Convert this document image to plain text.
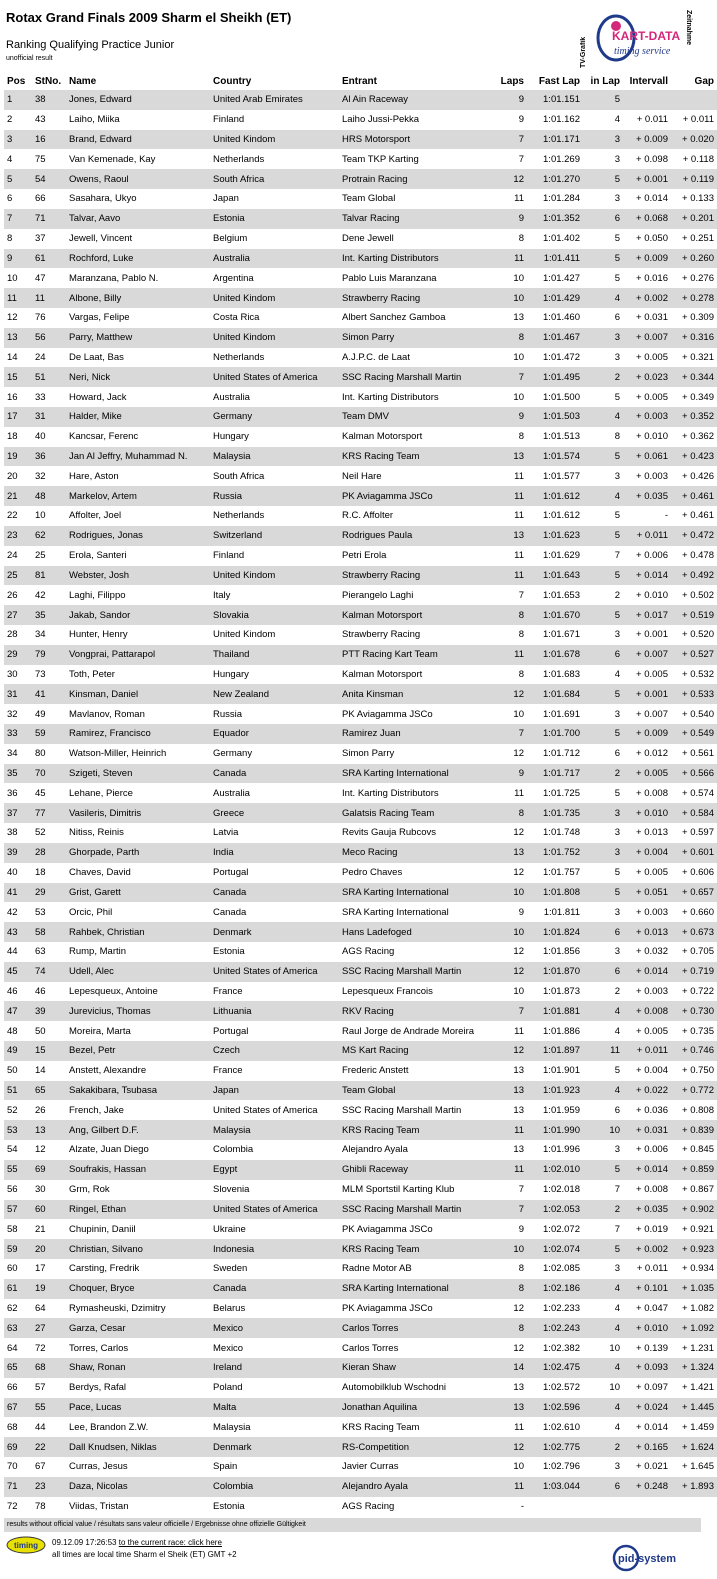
Rotax Grand Finals 2009 Sharm el Sheikh (ET)
Ranking Qualifying Practice Junior
unofficial result	TV-Grafik
KART-DATA
timing service
Zeitnahme
Pos	StNo.	Name	Country	Entrant	Laps	Fast Lap	in Lap	Intervall	Gap
1	38	Jones, Edward	United Arab Emirates	Al Ain Raceway	9	1:01.151	5		
2	43	Laiho, Miika	Finland	Laiho Jussi-Pekka	9	1:01.162	4	+ 0.011	+ 0.011
3	16	Brand, Edward	United Kindom	HRS Motorsport	7	1:01.171	3	+ 0.009	+ 0.020
4	75	Van Kemenade, Kay	Netherlands	Team TKP Karting	7	1:01.269	3	+ 0.098	+ 0.118
5	54	Owens, Raoul	South Africa	Protrain Racing	12	1:01.270	5	+ 0.001	+ 0.119
6	66	Sasahara, Ukyo	Japan	Team Global	11	1:01.284	3	+ 0.014	+ 0.133
7	71	Talvar, Aavo	Estonia	Talvar Racing	9	1:01.352	6	+ 0.068	+ 0.201
8	37	Jewell, Vincent	Belgium	Dene Jewell	8	1:01.402	5	+ 0.050	+ 0.251
9	61	Rochford, Luke	Australia	Int. Karting Distributors	11	1:01.411	5	+ 0.009	+ 0.260
10	47	Maranzana, Pablo N.	Argentina	Pablo Luis Maranzana	10	1:01.427	5	+ 0.016	+ 0.276
11	11	Albone, Billy	United Kindom	Strawberry Racing	10	1:01.429	4	+ 0.002	+ 0.278
12	76	Vargas, Felipe	Costa Rica	Albert Sanchez Gamboa	13	1:01.460	6	+ 0.031	+ 0.309
13	56	Parry, Matthew	United Kindom	Simon Parry	8	1:01.467	3	+ 0.007	+ 0.316
14	24	De Laat, Bas	Netherlands	A.J.P.C. de Laat	10	1:01.472	3	+ 0.005	+ 0.321
15	51	Neri, Nick	United States of America	SSC Racing Marshall Martin	7	1:01.495	2	+ 0.023	+ 0.344
16	33	Howard, Jack	Australia	Int. Karting Distributors	10	1:01.500	5	+ 0.005	+ 0.349
17	31	Halder, Mike	Germany	Team DMV	9	1:01.503	4	+ 0.003	+ 0.352
18	40	Kancsar, Ferenc	Hungary	Kalman Motorsport	8	1:01.513	8	+ 0.010	+ 0.362
19	36	Jan Al Jeffry, Muhammad N.	Malaysia	KRS Racing Team	13	1:01.574	5	+ 0.061	+ 0.423
20	32	Hare, Aston	South Africa	Neil Hare	11	1:01.577	3	+ 0.003	+ 0.426
21	48	Markelov, Artem	Russia	PK Aviagamma JSCo	11	1:01.612	4	+ 0.035	+ 0.461
22	10	Affolter, Joel	Netherlands	R.C. Affolter	11	1:01.612	5	-	+ 0.461
23	62	Rodrigues, Jonas	Switzerland	Rodrigues Paula	13	1:01.623	5	+ 0.011	+ 0.472
24	25	Erola, Santeri	Finland	Petri Erola	11	1:01.629	7	+ 0.006	+ 0.478
25	81	Webster, Josh	United Kindom	Strawberry Racing	11	1:01.643	5	+ 0.014	+ 0.492
26	42	Laghi, Filippo	Italy	Pierangelo Laghi	7	1:01.653	2	+ 0.010	+ 0.502
27	35	Jakab, Sandor	Slovakia	Kalman Motorsport	8	1:01.670	5	+ 0.017	+ 0.519
28	34	Hunter, Henry	United Kindom	Strawberry Racing	8	1:01.671	3	+ 0.001	+ 0.520
29	79	Vongprai, Pattarapol	Thailand	PTT Racing Kart Team	11	1:01.678	6	+ 0.007	+ 0.527
30	73	Toth, Peter	Hungary	Kalman Motorsport	8	1:01.683	4	+ 0.005	+ 0.532
31	41	Kinsman, Daniel	New Zealand	Anita Kinsman	12	1:01.684	5	+ 0.001	+ 0.533
32	49	Mavlanov, Roman	Russia	PK Aviagamma JSCo	10	1:01.691	3	+ 0.007	+ 0.540
33	59	Ramirez, Francisco	Equador	Ramirez Juan	7	1:01.700	5	+ 0.009	+ 0.549
34	80	Watson-Miller, Heinrich	Germany	Simon Parry	12	1:01.712	6	+ 0.012	+ 0.561
35	70	Szigeti, Steven	Canada	SRA Karting International	9	1:01.717	2	+ 0.005	+ 0.566
36	45	Lehane, Pierce	Australia	Int. Karting Distributors	11	1:01.725	5	+ 0.008	+ 0.574
37	77	Vasileris, Dimitris	Greece	Galatsis Racing Team	8	1:01.735	3	+ 0.010	+ 0.584
38	52	Nitiss, Reinis	Latvia	Revits Gauja Rubcovs	12	1:01.748	3	+ 0.013	+ 0.597
39	28	Ghorpade, Parth	India	Meco Racing	13	1:01.752	3	+ 0.004	+ 0.601
40	18	Chaves, David	Portugal	Pedro Chaves	12	1:01.757	5	+ 0.005	+ 0.606
41	29	Grist, Garett	Canada	SRA Karting International	10	1:01.808	5	+ 0.051	+ 0.657
42	53	Orcic, Phil	Canada	SRA Karting International	9	1:01.811	3	+ 0.003	+ 0.660
43	58	Rahbek, Christian	Denmark	Hans Ladefoged	10	1:01.824	6	+ 0.013	+ 0.673
44	63	Rump, Martin	Estonia	AGS Racing	12	1:01.856	3	+ 0.032	+ 0.705
45	74	Udell, Alec	United States of America	SSC Racing Marshall Martin	12	1:01.870	6	+ 0.014	+ 0.719
46	46	Lepesqueux, Antoine	France	Lepesqueux Francois	10	1:01.873	2	+ 0.003	+ 0.722
47	39	Jurevicius, Thomas	Lithuania	RKV Racing	7	1:01.881	4	+ 0.008	+ 0.730
48	50	Moreira, Marta	Portugal	Raul Jorge de Andrade Moreira	11	1:01.886	4	+ 0.005	+ 0.735
49	15	Bezel, Petr	Czech	MS Kart Racing	12	1:01.897	11	+ 0.011	+ 0.746
50	14	Anstett, Alexandre	France	Frederic Anstett	13	1:01.901	5	+ 0.004	+ 0.750
51	65	Sakakibara, Tsubasa	Japan	Team Global	13	1:01.923	4	+ 0.022	+ 0.772
52	26	French, Jake	United States of America	SSC Racing Marshall Martin	13	1:01.959	6	+ 0.036	+ 0.808
53	13	Ang, Gilbert D.F.	Malaysia	KRS Racing Team	11	1:01.990	10	+ 0.031	+ 0.839
54	12	Alzate, Juan Diego	Colombia	Alejandro Ayala	13	1:01.996	3	+ 0.006	+ 0.845
55	69	Soufrakis, Hassan	Egypt	Ghibli Raceway	11	1:02.010	5	+ 0.014	+ 0.859
56	30	Grm, Rok	Slovenia	MLM Sportstil Karting Klub	7	1:02.018	7	+ 0.008	+ 0.867
57	60	Ringel, Ethan	United States of America	SSC Racing Marshall Martin	7	1:02.053	2	+ 0.035	+ 0.902
58	21	Chupinin, Daniil	Ukraine	PK Aviagamma JSCo	9	1:02.072	7	+ 0.019	+ 0.921
59	20	Christian, Silvano	Indonesia	KRS Racing Team	10	1:02.074	5	+ 0.002	+ 0.923
60	17	Carsting, Fredrik	Sweden	Radne Motor AB	8	1:02.085	3	+ 0.011	+ 0.934
61	19	Choquer, Bryce	Canada	SRA Karting International	8	1:02.186	4	+ 0.101	+ 1.035
62	64	Rymasheuski, Dzimitry	Belarus	PK Aviagamma JSCo	12	1:02.233	4	+ 0.047	+ 1.082
63	27	Garza, Cesar	Mexico	Carlos Torres	8	1:02.243	4	+ 0.010	+ 1.092
64	72	Torres, Carlos	Mexico	Carlos Torres	12	1:02.382	10	+ 0.139	+ 1.231
65	68	Shaw, Ronan	Ireland	Kieran Shaw	14	1:02.475	4	+ 0.093	+ 1.324
66	57	Berdys, Rafal	Poland	Automobilklub Wschodni	13	1:02.572	10	+ 0.097	+ 1.421
67	55	Pace, Lucas	Malta	Jonathan Aquilina	13	1:02.596	4	+ 0.024	+ 1.445
68	44	Lee, Brandon Z.W.	Malaysia	KRS Racing Team	11	1:02.610	4	+ 0.014	+ 1.459
69	22	Dall Knudsen, Niklas	Denmark	RS-Competition	12	1:02.775	2	+ 0.165	+ 1.624
70	67	Curras, Jesus	Spain	Javier Curras	10	1:02.796	3	+ 0.021	+ 1.645
71	23	Daza, Nicolas	Colombia	Alejandro Ayala	11	1:03.044	6	+ 0.248	+ 1.893
72	78	Viidas, Tristan	Estonia	AGS Racing	-				
results without official value / résultats sans valeur officielle / Ergebnisse ohne offizielle Gültigkeit
timing 09.12.09 17:26:53 to the current race: click here
all times are local time Sharm el Sheik (ET) GMT +2	pid-system
